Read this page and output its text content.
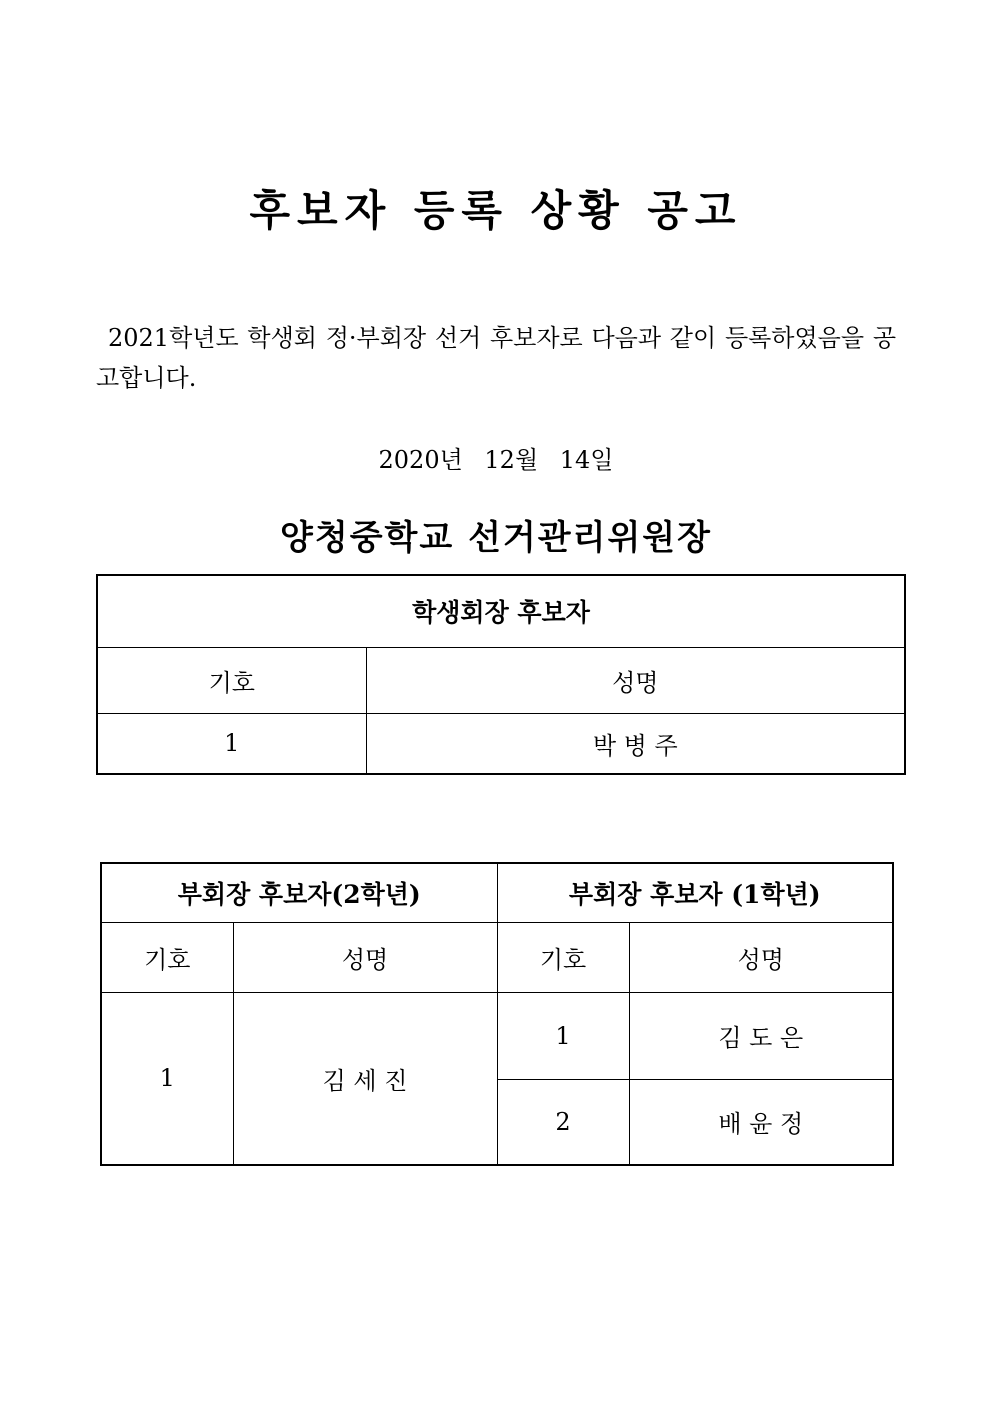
후보자 등록 상황 공고
2021학년도 학생회 정·부회장 선거 후보자로 다음과 같이 등록하였음을 공고합니다.
2020년 12월 14일
양청중학교 선거관리위원장
학생회장 후보자	
기호	성명
1	박 병 주
부회장 후보자(2학년)		부회장 후보자 (1학년)	
기호	성명	기호	성명
1	김 세 진	1	김 도 은
		2	배 윤 정
